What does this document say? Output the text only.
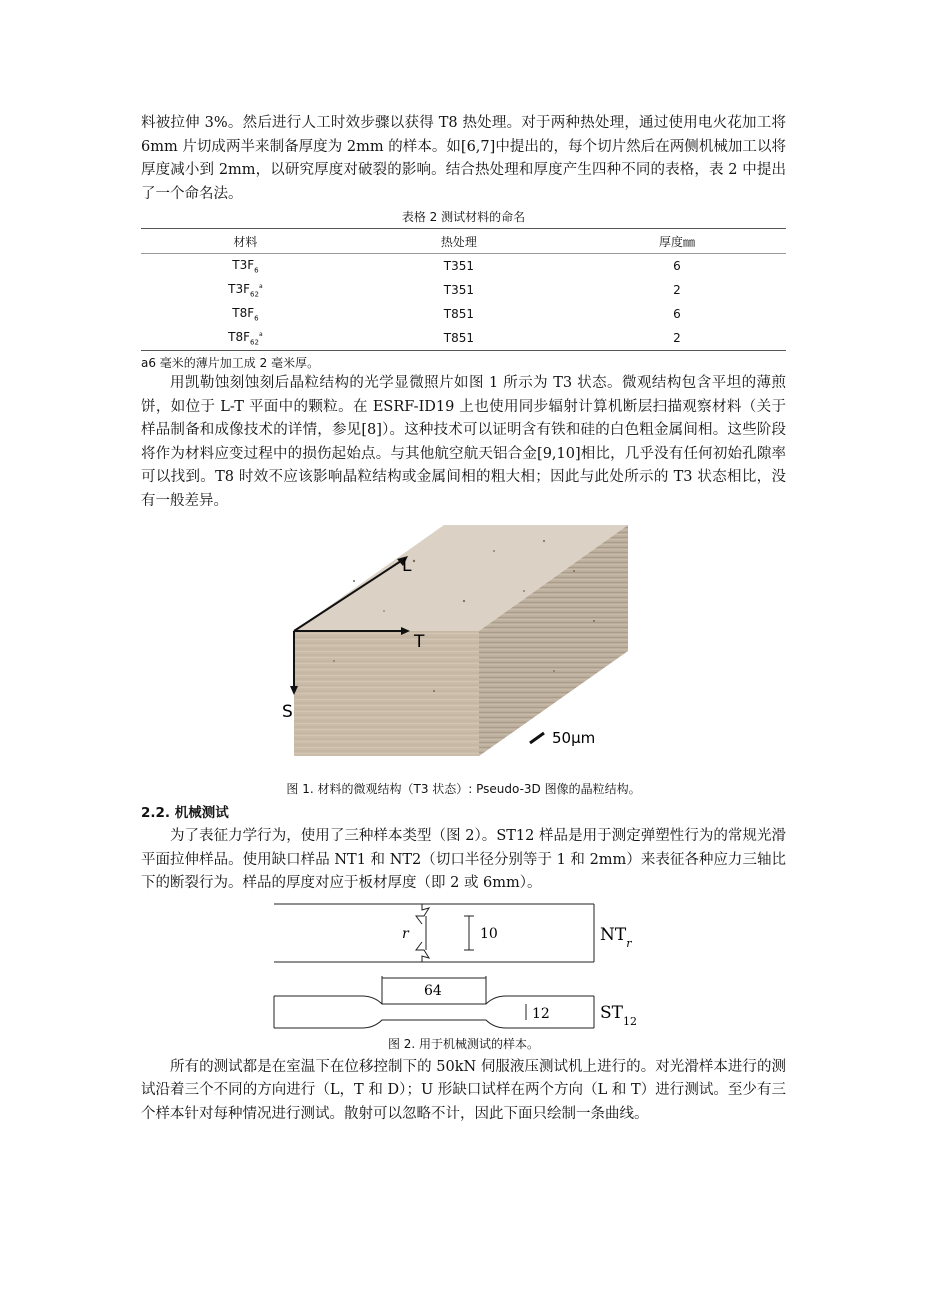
料被拉伸 3%。然后进行人工时效步骤以获得 T8 热处理。对于两种热处理，通过使用电火花加工将 6mm 片切成两半来制备厚度为 2mm 的样本。如[6,7]中提出的，每个切片然后在两侧机械加工以将厚度减小到 2mm，以研究厚度对破裂的影响。结合热处理和厚度产生四种不同的表格，表 2 中提出了一个命名法。

表格 2 测试材料的命名
材料	热处理	厚度㎜
$T3F_6$	T351	6
$T3F_{62}^a$	T351	2
$T8F_6$	T851	6
$T8F_{62}^a$	T851	2
a6 毫米的薄片加工成 2 毫米厚。

用凯勒蚀刻蚀刻后晶粒结构的光学显微照片如图 1 所示为 T3 状态。微观结构包含平坦的薄煎饼，如位于 L-T 平面中的颗粒。在 ESRF-ID19 上也使用同步辐射计算机断层扫描观察材料（关于样品制备和成像技术的详情，参见[8]）。这种技术可以证明含有铁和硅的白色粗金属间相。这些阶段将作为材料应变过程中的损伤起始点。与其他航空航天铝合金[9,10]相比，几乎没有任何初始孔隙率可以找到。T8 时效不应该影响晶粒结构或金属间相的粗大相；因此与此处所示的 T3 状态相比，没有一般差异。

L
T
S
50μm
图 1. 材料的微观结构（T3 状态）: Pseudo-3D 图像的晶粒结构。
2.2. 机械测试

为了表征力学行为，使用了三种样本类型（图 2）。ST12 样品是用于测定弹塑性行为的常规光滑平面拉伸样品。使用缺口样品 NT1 和 NT2（切口半径分别等于 1 和 2mm）来表征各种应力三轴比下的断裂行为。样品的厚度对应于板材厚度（即 2 或 6mm）。

r	10	$NT_r$
64
12	$ST_{12}$
图 2. 用于机械测试的样本。

所有的测试都是在室温下在位移控制下的 50kN 伺服液压测试机上进行的。对光滑样本进行的测试沿着三个不同的方向进行（L，T 和 D）；U 形缺口试样在两个方向（L 和 T）进行测试。至少有三个样本针对每种情况进行测试。散射可以忽略不计，因此下面只绘制一条曲线。
